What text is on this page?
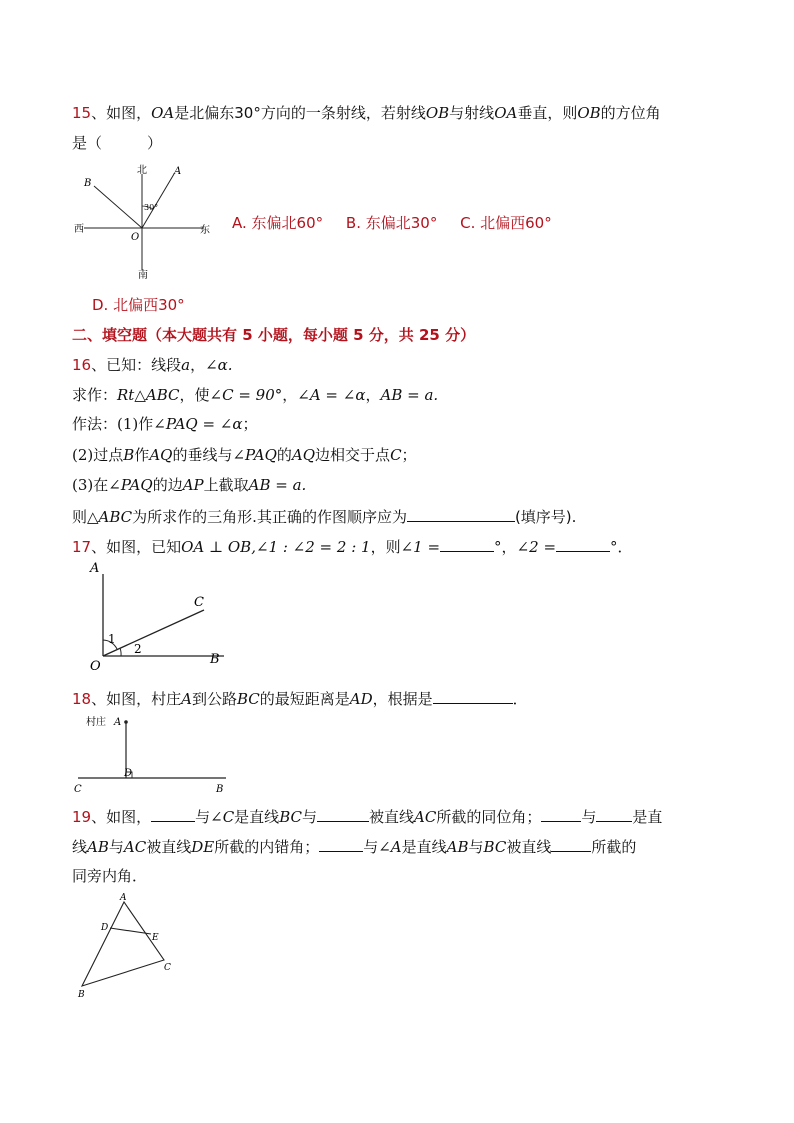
15、如图，OA是北偏东30°方向的一条射线，若射线OB与射线OA垂直，则OB的方位角
是（　　　）
北	A
B
30°
西	东
O
南
A. 东偏北60° B. 东偏北30° C. 北偏西60°
D. 北偏西30°
二、填空题（本大题共有 5 小题，每小题 5 分，共 25 分）
16、已知：线段a，∠α.
求作：Rt△ABC，使∠C = 90°，∠A = ∠α，AB = a.
作法：(1)作∠PAQ = ∠α；
(2)过点B作AQ的垂线与∠PAQ的AQ边相交于点C；
(3)在∠PAQ的边AP上截取AB = a.
则△ABC为所求作的三角形.其正确的作图顺序应为	(填序号).
17、如图，已知OA ⊥ OB,∠1 : ∠2 = 2 : 1，则∠1 =	°，∠2 =	°．
A
C
O	B
1
2
18、如图，村庄A到公路BC的最短距离是AD，根据是	．
村庄 A
D
C	B
19、如图，	与∠C是直线BC与	被直线AC所截的同位角；	与 是直
线AB与AC被直线DE所截的内错角；	与∠A是直线AB与BC被直线	所截的
同旁内角．
A
D
E
C
B
